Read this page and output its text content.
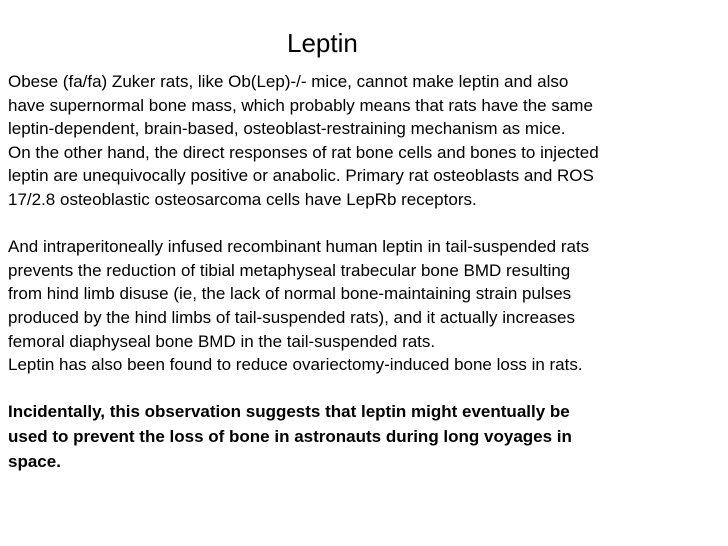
Leptin
Obese (fa/fa) Zuker rats, like Ob(Lep)-/- mice, cannot make leptin and also
have supernormal bone mass, which probably means that rats have the same
leptin-dependent, brain-based, osteoblast-restraining mechanism as mice.
On the other hand, the direct responses of rat bone cells and bones to injected
leptin are unequivocally positive or anabolic. Primary rat osteoblasts and ROS
17/2.8 osteoblastic osteosarcoma cells have LepRb receptors.
And intraperitoneally infused recombinant human leptin in tail-suspended rats
prevents the reduction of tibial metaphyseal trabecular bone BMD resulting
from hind limb disuse (ie, the lack of normal bone-maintaining strain pulses
produced by the hind limbs of tail-suspended rats), and it actually increases
femoral diaphyseal bone BMD in the tail-suspended rats.
Leptin has also been found to reduce ovariectomy-induced bone loss in rats.
Incidentally, this observation suggests that leptin might eventually be
used to prevent the loss of bone in astronauts during long voyages in
space.
